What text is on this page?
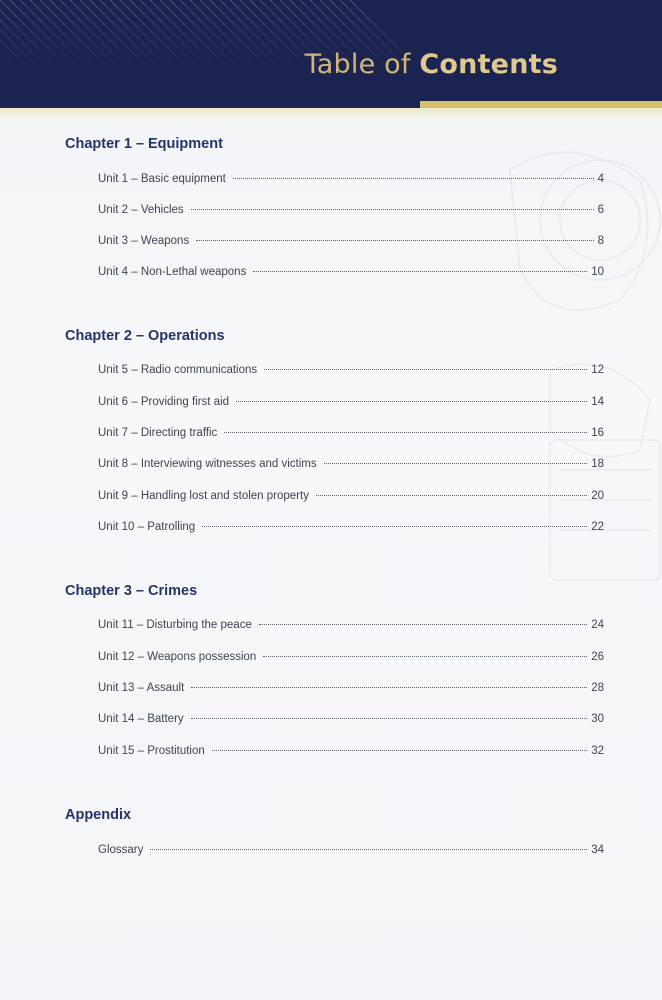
Table of Contents
Chapter 1 – Equipment
Unit 1 – Basic equipment	4
Unit 2 – Vehicles	6
Unit 3 – Weapons	8
Unit 4 – Non-Lethal weapons	10
Chapter 2 – Operations
Unit 5 – Radio communications	12
Unit 6 – Providing first aid	14
Unit 7 – Directing traffic	16
Unit 8 – Interviewing witnesses and victims	18
Unit 9 – Handling lost and stolen property	20
Unit 10 – Patrolling	22
Chapter 3 – Crimes
Unit 11 – Disturbing the peace	24
Unit 12 – Weapons possession	26
Unit 13 – Assault	28
Unit 14 – Battery	30
Unit 15 – Prostitution	32
Appendix
Glossary	34
